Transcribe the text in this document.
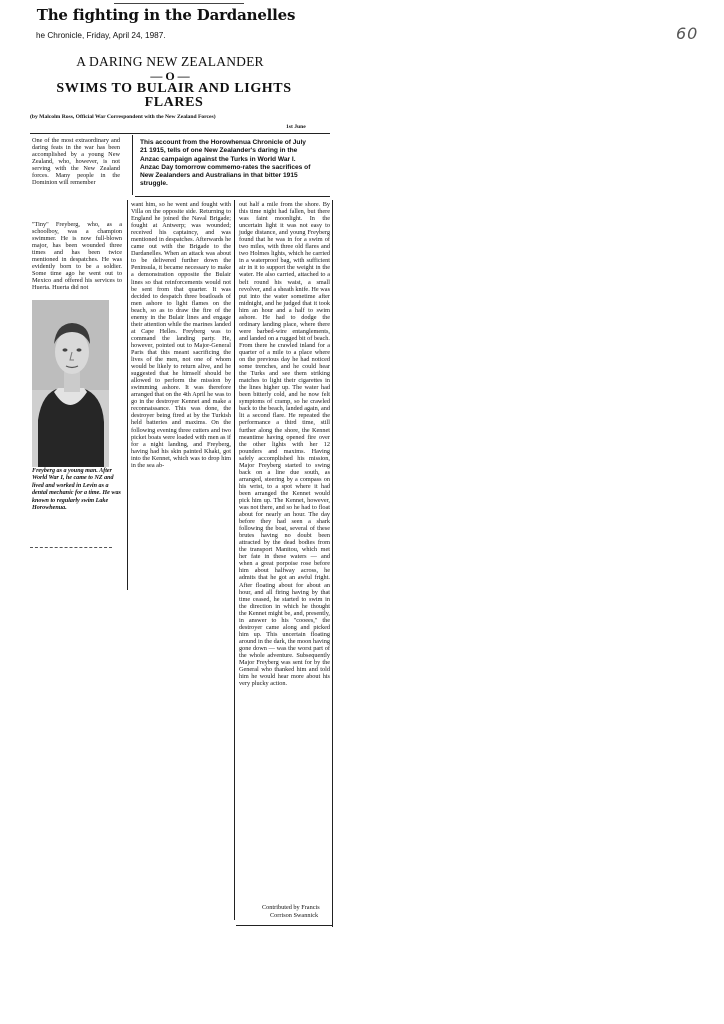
60
The fighting in the Dardanelles
he Chronicle, Friday, April 24, 1987.
A DARING NEW ZEALANDER
— O —
SWIMS TO BULAIR AND LIGHTS FLARES
(by Malcolm Ross, Official War Correspondent with the New Zealand Forces)
1st June
One of the most extraordinary and daring feats in the war has been accomplished by a young New Zealand, who, however, is not serving with the New Zealand forces. Many people in the Dominion will remember
"Tiny" Freyberg, who, as a schoolboy, was a champion swimmer. He is now full-blown major, has been wounded three times and has been twice mentioned in despatches. He was evidently born to be a soldier. Some time ago he went out to Mexico and offered his services to Huerta. Huerta did not
This account from the Horowhenua Chronicle of July 21 1915, tells of one New Zealander's daring in the Anzac campaign against the Turks in World War I. Anzac Day tomorrow commemo-rates the sacrifices of New Zealanders and Australians in that bitter 1915 struggle.
Freyberg as a young man. After World War I, he came to NZ and lived and worked in Levin as a dental mechanic for a time. He was known to regularly swim Lake Horowhenua.
want him, so he went and fought with Villa on the opposite side. Returning to England he joined the Naval Brigade; fought at Antwerp; was wounded; received his captaincy, and was mentioned in despatches. Afterwards he came out with the Brigade to the Dardanelles. When an attack was about to be delivered further down the Peninsula, it became necessary to make a demonstration opposite the Bulair lines so that reinforcements would not be sent from that quarter. It was decided to despatch three boatloads of men ashore to light flames on the beach, so as to draw the fire of the enemy in the Bulair lines and engage their attention while the marines landed at Cape Helles. Freyberg was to command the landing party. He, however, pointed out to Major-General Paris that this meant sacrificing the lives of the men, not one of whom would be likely to return alive, and he suggested that he himself should be allowed to perform the mission by swimming ashore. It was therefore arranged that on the 4th April he was to go in the destroyer Kennet and make a reconnaissance. This was done, the destroyer being fired at by the Turkish held batteries and maxims. On the following evening three cutters and two picket boats were loaded with men as if for a night landing, and Freyberg, having had his skin painted Khaki, got into the Kennet, which was to drop him in the sea ab-
out half a mile from the shore. By this time night had fallen, but there was faint moonlight. In the uncertain light it was not easy to judge distance, and young Freyberg found that he was in for a swim of two miles, with three old flares and two Holmes lights, which he carried in a waterproof bag, with sufficient air in it to support the weight in the water. He also carried, attached to a belt round his waist, a small revolver, and a sheath knife. He was put into the water sometime after midnight, and he judged that it took him an hour and a half to swim ashore. He had to dodge the ordinary landing place, where there were barbed-wire entanglements, and landed on a rugged bit of beach. From there he crawled inland for a quarter of a mile to a place where on the previous day he had noticed some trenches, and he could hear the Turks and see them striking matches to light their cigarettes in the lines higher up. The water had been bitterly cold, and he now felt symptoms of cramp, so he crawled back to the beach, landed again, and lit a second flare. He repeated the performance a third time, still further along the shore, the Kennet meantime having opened fire over the other lights with her 12 pounders and maxims. Having safely accomplished his mission, Major Freyberg started to swing back on a line due south, as arranged, steering by a compass on his wrist, to a spot where it had been arranged the Kennet would pick him up. The Kennet, however, was not there, and so he had to float about for nearly an hour. The day before they had seen a shark following the boat, several of these brutes having no doubt been attracted by the dead bodies from the transport Manitou, which met her fate in these waters — and when a great porpoise rose before him about halfway across, he admits that he got an awful fright. After floating about for about an hour, and all firing having by that time ceased, he started to swim in the direction in which he thought the Kennet might be, and, presently, in answer to his "cooees," the destroyer came along and picked him up. This uncertain floating around in the dark, the moon having gone down — was the worst part of the whole adventure. Subsequently Major Freyberg was sent for by the General who thanked him and told him he would hear more about his very plucky action.
Contributed by Francis
Corrison Swannick
